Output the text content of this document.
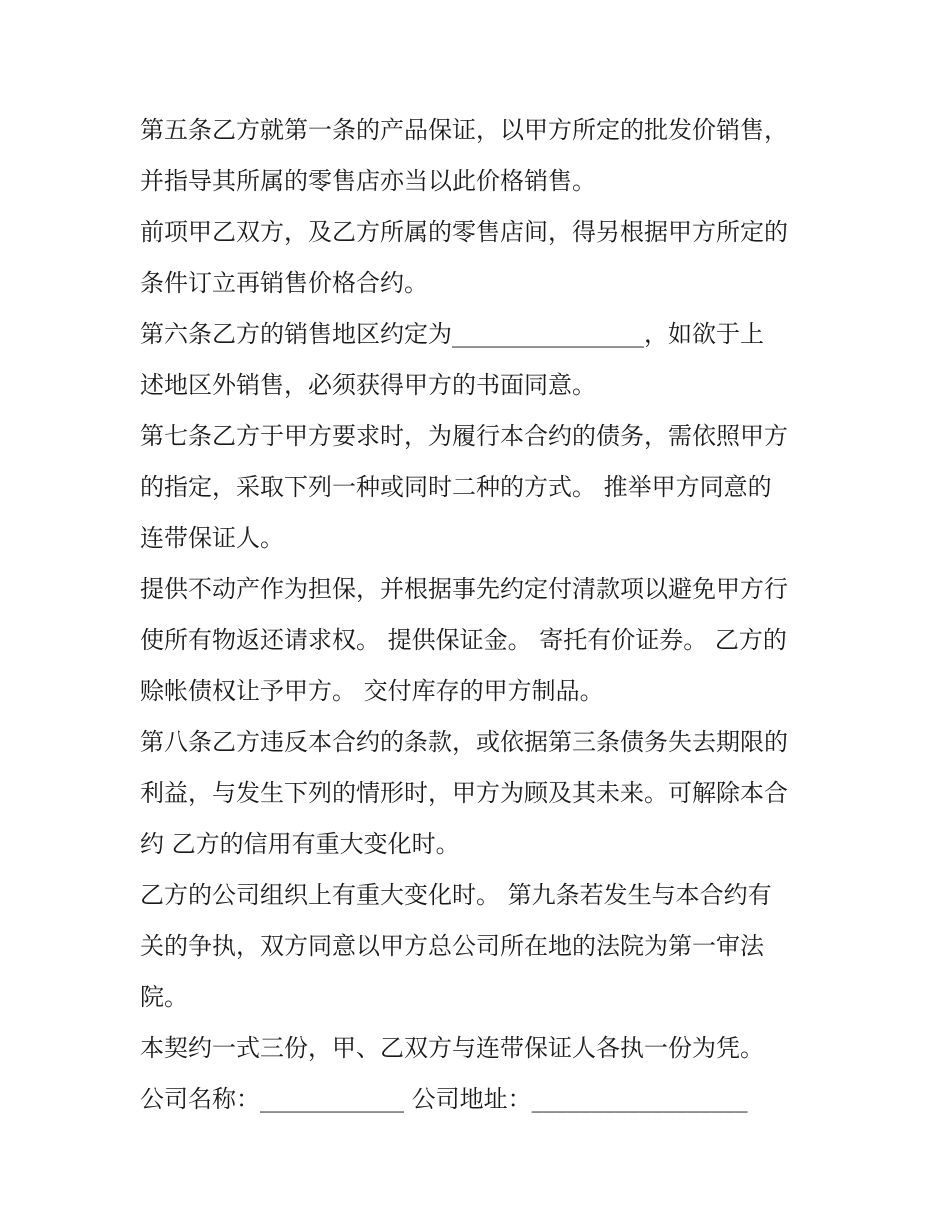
第五条乙方就第一条的产品保证，以甲方所定的批发价销售，
并指导其所属的零售店亦当以此价格销售。

前项甲乙双方，及乙方所属的零售店间，得另根据甲方所定的
条件订立再销售价格合约。

第六条乙方的销售地区约定为________________，如欲于上
述地区外销售，必须获得甲方的书面同意。

第七条乙方于甲方要求时，为履行本合约的债务，需依照甲方
的指定，采取下列一种或同时二种的方式。 推举甲方同意的
连带保证人。

提供不动产作为担保，并根据事先约定付清款项以避免甲方行
使所有物返还请求权。 提供保证金。 寄托有价证券。 乙方的
赊帐债权让予甲方。 交付库存的甲方制品。

第八条乙方违反本合约的条款，或依据第三条债务失去期限的
利益，与发生下列的情形时，甲方为顾及其未来。可解除本合
约 乙方的信用有重大变化时。

乙方的公司组织上有重大变化时。 第九条若发生与本合约有
关的争执，双方同意以甲方总公司所在地的法院为第一审法
院。

本契约一式三份，甲、乙双方与连带保证人各执一份为凭。

公司名称：____________ 公司地址：__________________
